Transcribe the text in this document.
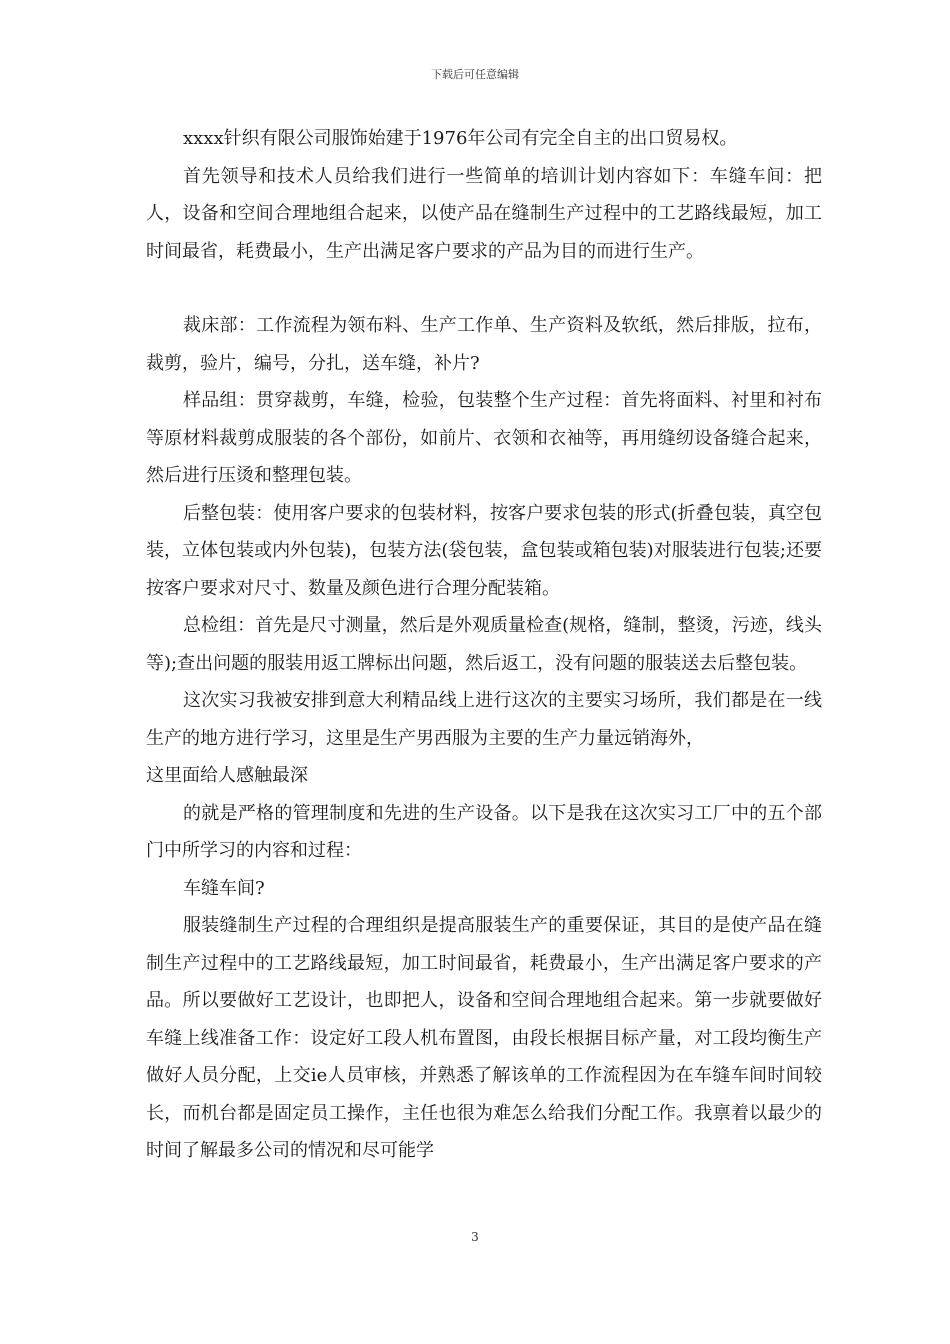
下载后可任意编辑

xxxx针织有限公司服饰始建于1976年公司有完全自主的出口贸易权。

首先领导和技术人员给我们进行一些简单的培训计划内容如下：车缝车间：把人，设备和空间合理地组合起来，以使产品在缝制生产过程中的工艺路线最短，加工时间最省，耗费最小，生产出满足客户要求的产品为目的而进行生产。

裁床部：工作流程为领布料、生产工作单、生产资料及软纸，然后排版，拉布，裁剪，验片，编号，分扎，送车缝，补片?

样品组：贯穿裁剪，车缝，检验，包装整个生产过程：首先将面料、衬里和衬布等原材料裁剪成服装的各个部份，如前片、衣领和衣袖等，再用缝纫设备缝合起来，然后进行压烫和整理包装。

后整包装：使用客户要求的包装材料，按客户要求包装的形式(折叠包装，真空包装，立体包装或内外包装)，包装方法(袋包装，盒包装或箱包装)对服装进行包装;还要按客户要求对尺寸、数量及颜色进行合理分配装箱。

总检组：首先是尺寸测量，然后是外观质量检查(规格，缝制，整烫，污迹，线头等);查出问题的服装用返工牌标出问题，然后返工，没有问题的服装送去后整包装。

这次实习我被安排到意大利精品线上进行这次的主要实习场所，我们都是在一线生产的地方进行学习，这里是生产男西服为主要的生产力量远销海外，

这里面给人感触最深

的就是严格的管理制度和先进的生产设备。以下是我在这次实习工厂中的五个部门中所学习的内容和过程：

车缝车间?

服装缝制生产过程的合理组织是提高服装生产的重要保证，其目的是使产品在缝制生产过程中的工艺路线最短，加工时间最省，耗费最小，生产出满足客户要求的产品。所以要做好工艺设计，也即把人，设备和空间合理地组合起来。第一步就要做好车缝上线准备工作：设定好工段人机布置图，由段长根据目标产量，对工段均衡生产做好人员分配，上交ie人员审核，并熟悉了解该单的工作流程因为在车缝车间时间较长，而机台都是固定员工操作，主任也很为难怎么给我们分配工作。我禀着以最少的时间了解最多公司的情况和尽可能学

3
